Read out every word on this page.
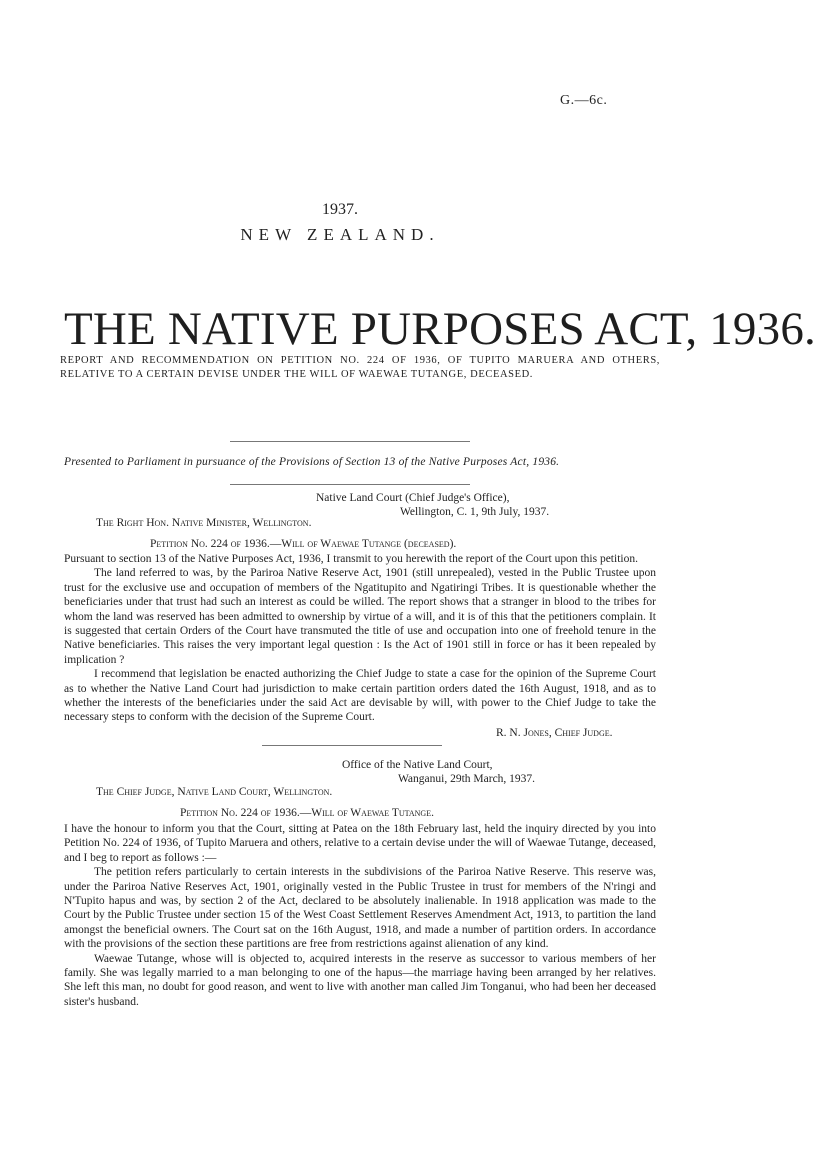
G.—6c.
1937.
NEW ZEALAND.
THE NATIVE PURPOSES ACT, 1936.
REPORT AND RECOMMENDATION ON PETITION NO. 224 OF 1936, OF TUPITO MARUERA AND OTHERS, RELATIVE TO A CERTAIN DEVISE UNDER THE WILL OF WAEWAE TUTANGE, DECEASED.
Presented to Parliament in pursuance of the Provisions of Section 13 of the Native Purposes Act, 1936.
Native Land Court (Chief Judge's Office),
Wellington, C. 1, 9th July, 1937.
The Right Hon. Native Minister, Wellington.
Petition No. 224 of 1936.—Will of Waewae Tutange (deceased).

Pursuant to section 13 of the Native Purposes Act, 1936, I transmit to you herewith the report of the Court upon this petition.

The land referred to was, by the Pariroa Native Reserve Act, 1901 (still unrepealed), vested in the Public Trustee upon trust for the exclusive use and occupation of members of the Ngatitupito and Ngatiringi Tribes. It is questionable whether the beneficiaries under that trust had such an interest as could be willed. The report shows that a stranger in blood to the tribes for whom the land was reserved has been admitted to ownership by virtue of a will, and it is of this that the petitioners complain. It is suggested that certain Orders of the Court have transmuted the title of use and occupation into one of freehold tenure in the Native beneficiaries. This raises the very important legal question : Is the Act of 1901 still in force or has it been repealed by implication ?

I recommend that legislation be enacted authorizing the Chief Judge to state a case for the opinion of the Supreme Court as to whether the Native Land Court had jurisdiction to make certain partition orders dated the 16th August, 1918, and as to whether the interests of the beneficiaries under the said Act are devisable by will, with power to the Chief Judge to take the necessary steps to conform with the decision of the Supreme Court.

R. N. Jones, Chief Judge.
Office of the Native Land Court,
Wanganui, 29th March, 1937.
The Chief Judge, Native Land Court, Wellington.
Petition No. 224 of 1936.—Will of Waewae Tutange.

I have the honour to inform you that the Court, sitting at Patea on the 18th February last, held the inquiry directed by you into Petition No. 224 of 1936, of Tupito Maruera and others, relative to a certain devise under the will of Waewae Tutange, deceased, and I beg to report as follows :—

The petition refers particularly to certain interests in the subdivisions of the Pariroa Native Reserve. This reserve was, under the Pariroa Native Reserves Act, 1901, originally vested in the Public Trustee in trust for members of the N'ringi and N'Tupito hapus and was, by section 2 of the Act, declared to be absolutely inalienable. In 1918 application was made to the Court by the Public Trustee under section 15 of the West Coast Settlement Reserves Amendment Act, 1913, to partition the land amongst the beneficial owners. The Court sat on the 16th August, 1918, and made a number of partition orders. In accordance with the provisions of the section these partitions are free from restrictions against alienation of any kind.

Waewae Tutange, whose will is objected to, acquired interests in the reserve as successor to various members of her family. She was legally married to a man belonging to one of the hapus—the marriage having been arranged by her relatives. She left this man, no doubt for good reason, and went to live with another man called Jim Tonganui, who had been her deceased sister's husband.
